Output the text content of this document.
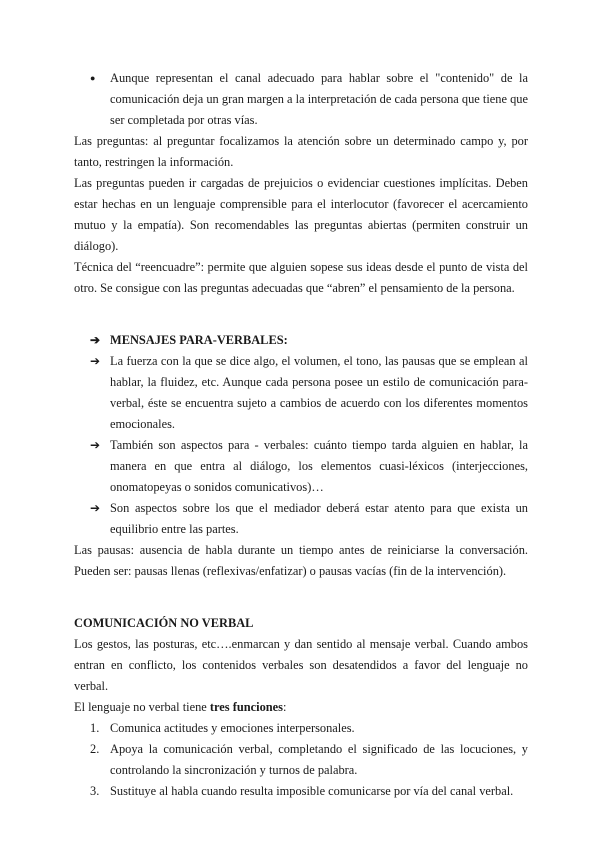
● Aunque representan el canal adecuado para hablar sobre el "contenido" de la comunicación deja un gran margen a la interpretación de cada persona que tiene que ser completada por otras vías.

Las preguntas: al preguntar focalizamos la atención sobre un determinado campo y, por tanto, restringen la información.

Las preguntas pueden ir cargadas de prejuicios o evidenciar cuestiones implícitas. Deben estar hechas en un lenguaje comprensible para el interlocutor (favorecer el acercamiento mutuo y la empatía). Son recomendables las preguntas abiertas (permiten construir un diálogo).

Técnica del “reencuadre”: permite que alguien sopese sus ideas desde el punto de vista del otro. Se consigue con las preguntas adecuadas que “abren” el pensamiento de la persona.

➔ MENSAJES PARA-VERBALES:
➔ La fuerza con la que se dice algo, el volumen, el tono, las pausas que se emplean al hablar, la fluidez, etc. Aunque cada persona posee un estilo de comunicación para-verbal, éste se encuentra sujeto a cambios de acuerdo con los diferentes momentos emocionales.
➔ También son aspectos para - verbales: cuánto tiempo tarda alguien en hablar, la manera en que entra al diálogo, los elementos cuasi-léxicos (interjecciones, onomatopeyas o sonidos comunicativos)…
➔ Son aspectos sobre los que el mediador deberá estar atento para que exista un equilibrio entre las partes.

Las pausas: ausencia de habla durante un tiempo antes de reiniciarse la conversación. Pueden ser: pausas llenas (reflexivas/enfatizar) o pausas vacías (fin de la intervención).

COMUNICACIÓN NO VERBAL

Los gestos, las posturas, etc….enmarcan y dan sentido al mensaje verbal. Cuando ambos entran en conflicto, los contenidos verbales son desatendidos a favor del lenguaje no verbal.

El lenguaje no verbal tiene tres funciones:

1. Comunica actitudes y emociones interpersonales.
2. Apoya la comunicación verbal, completando el significado de las locuciones, y controlando la sincronización y turnos de palabra.
3. Sustituye al habla cuando resulta imposible comunicarse por vía del canal verbal.
